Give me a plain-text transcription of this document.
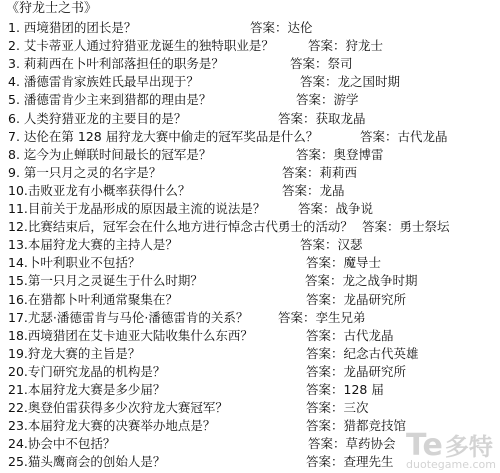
《狩龙士之书》
1. 西境猎团的团长是？	答案：达伦
2. 艾卡蒂亚人通过狩猎亚龙诞生的独特职业是？	答案：狩龙士
3. 莉莉西在卜叶利部落担任的职务是？	答案：祭司
4. 潘德雷肯家族姓氏最早出现于？	答案：龙之国时期
5. 潘德雷肯少主来到猎都的理由是？	答案：游学
6. 人类狩猎亚龙的主要目的是？	答案：获取龙晶
7. 达伦在第 128 届狩龙大赛中偷走的冠军奖品是什么？	答案：古代龙晶
8. 迄今为止蝉联时间最长的冠军是？	答案：奥登博雷
9. 第一只月之灵的名字是？	答案：莉莉西
10.击败亚龙有小概率获得什么？	答案：龙晶
11.目前关于龙晶形成的原因最主流的说法是？	答案：战争说
12.比赛结束后，冠军会在什么地方进行悼念古代勇士的活动？ 答案：勇士祭坛
13.本届狩龙大赛的主持人是？	答案：汉瑟
14.卜叶利职业不包括？	答案：魔导士
15.第一只月之灵诞生于什么时期？	答案：龙之战争时期
16.在猎都卜叶利通常聚集在？	答案：龙晶研究所
17.尤瑟·潘德雷肯与马伦·潘德雷肯的关系？ 答案：孪生兄弟
18.西境猎团在艾卡迪亚大陆收集什么东西？	答案：古代龙晶
19.狩龙大赛的主旨是？	答案：纪念古代英雄
20.专门研究龙晶的机构是？	答案：龙晶研究所
21.本届狩龙大赛是多少届？	答案：128 届
22.奥登伯雷获得多少次狩龙大赛冠军？	答案：三次
23.本届狩龙大赛的决赛举办地点是？	答案：猎都竞技馆
24.协会中不包括？	答案：草药协会
25.猫头鹰商会的创始人是？	答案：查理先生 Te 多特
duotegame.com
